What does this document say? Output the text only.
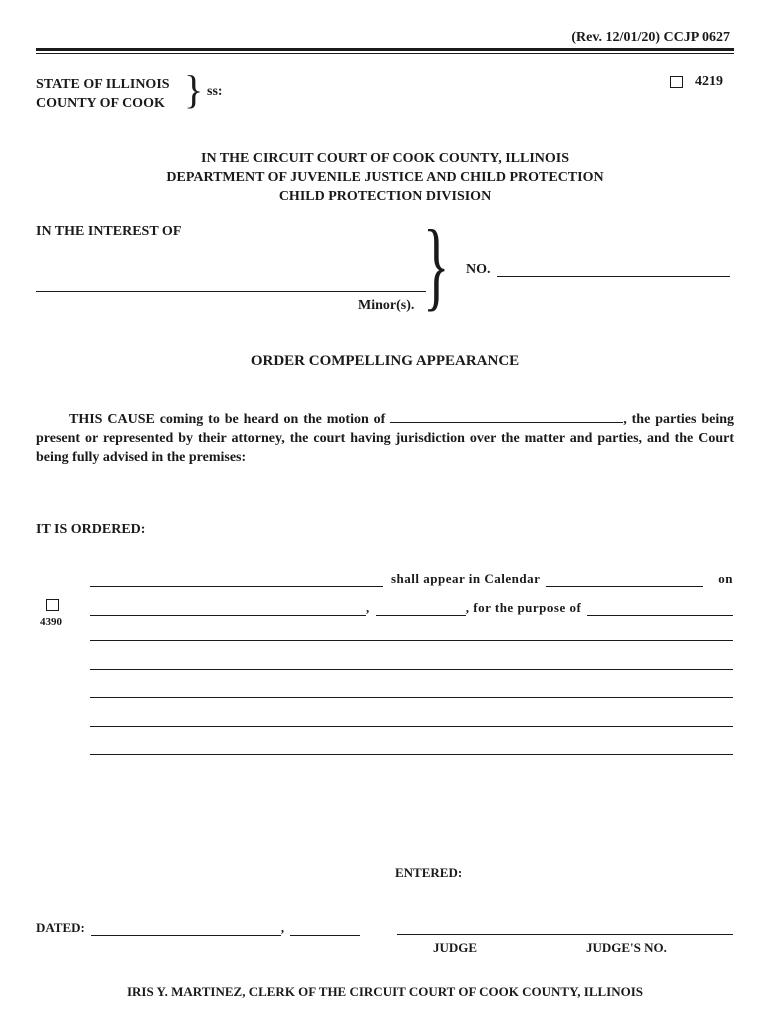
(Rev. 12/01/20) CCJP 0627
STATE OF ILLINOIS
COUNTY OF COOK } ss:
4219
IN THE CIRCUIT COURT OF COOK COUNTY, ILLINOIS
DEPARTMENT OF JUVENILE JUSTICE AND CHILD PROTECTION
CHILD PROTECTION DIVISION
IN THE INTEREST OF } NO.
Minor(s).
ORDER COMPELLING APPEARANCE
THIS CAUSE coming to be heard on the motion of	, the parties being present or represented by their attorney, the court having jurisdiction over the matter and parties, and the Court being fully advised in the premises:
IT IS ORDERED:
shall appear in Calendar	on
4390
,	, for the purpose of
ENTERED:
DATED:	,
JUDGE	JUDGE'S NO.
IRIS Y. MARTINEZ, CLERK OF THE CIRCUIT COURT OF COOK COUNTY, ILLINOIS
